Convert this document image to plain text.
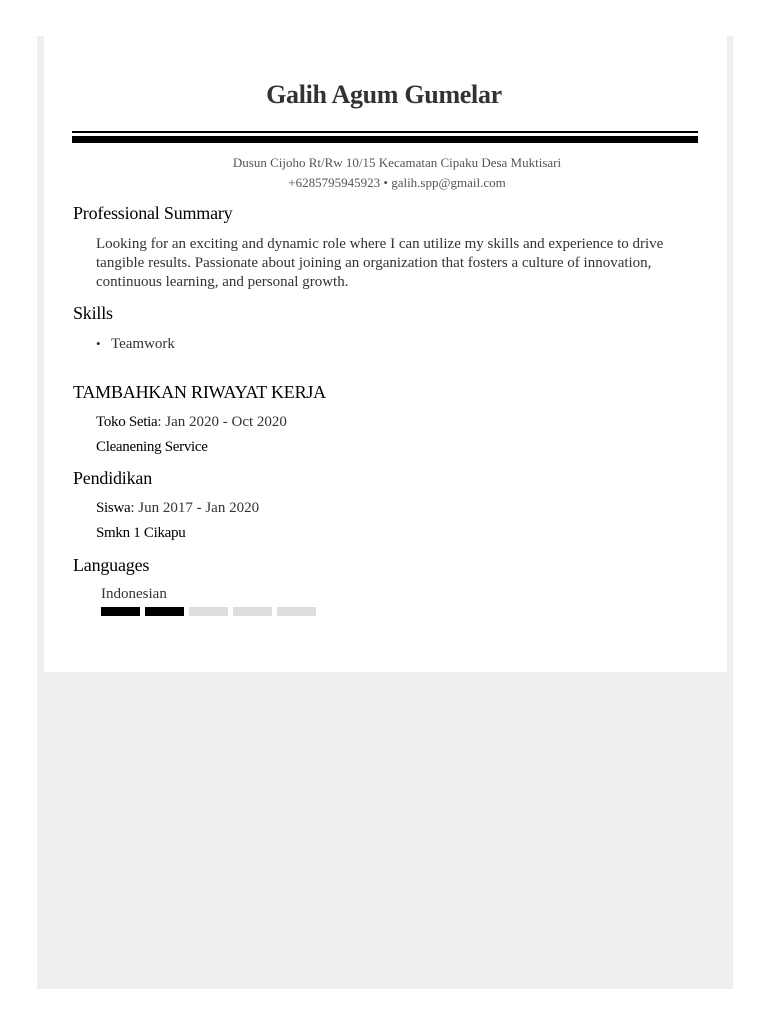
Galih Agum Gumelar

Dusun Cijoho Rt/Rw 10/15 Kecamatan Cipaku Desa Muktisari

+6285795945923 • galih.spp@gmail.com

Professional Summary

Looking for an exciting and dynamic role where I can utilize my skills and experience to drive tangible results. Passionate about joining an organization that fosters a culture of innovation, continuous learning, and personal growth.

Skills
• Teamwork
TAMBAHKAN RIWAYAT KERJA

Toko Setia: Jan 2020 - Oct 2020

Cleanening Service

Pendidikan

Siswa: Jun 2017 - Jan 2020

Smkn 1 Cikapu

Languages

Indonesian
